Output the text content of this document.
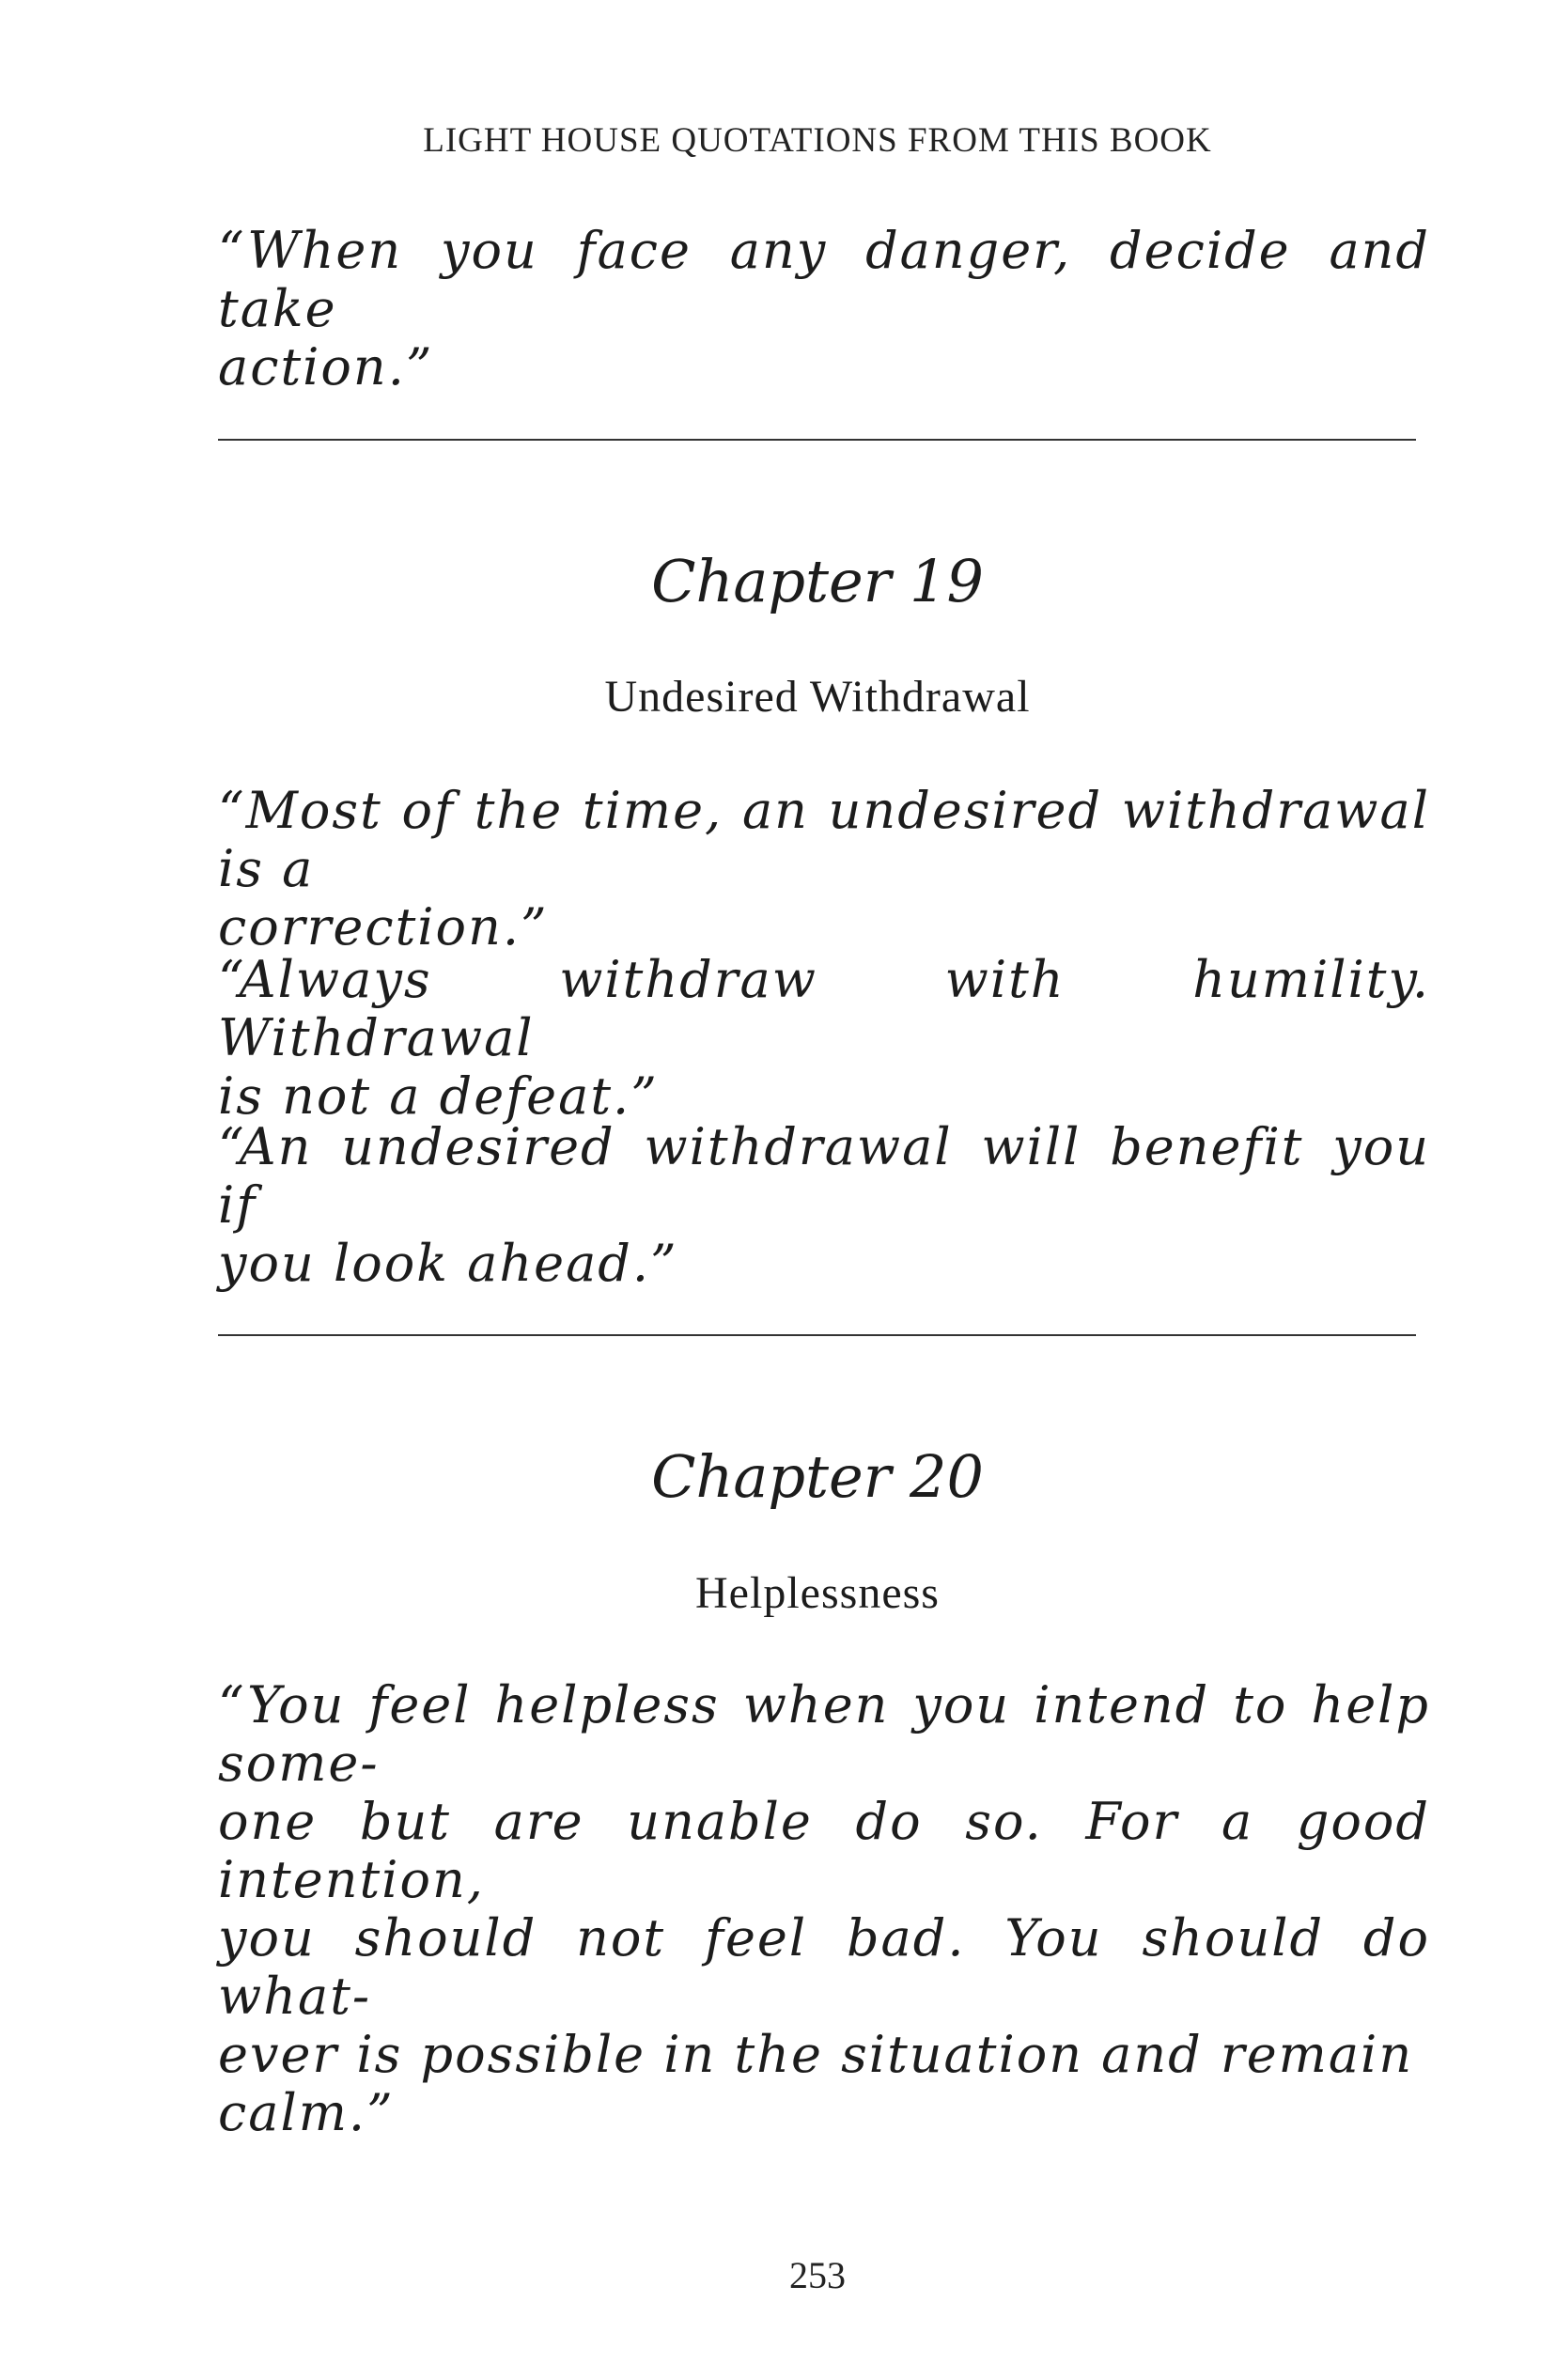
LIGHT HOUSE QUOTATIONS FROM THIS BOOK

“When you face any danger, decide and take
action.”

Chapter 19
Undesired Withdrawal

“Most of the time, an undesired withdrawal is a
correction.”

“Always withdraw with humility. Withdrawal
is not a defeat.”

“An undesired withdrawal will benefit you if
you look ahead.”

Chapter 20
Helplessness

“You feel helpless when you intend to help some-
one but are unable do so. For a good intention,
you should not feel bad. You should do what-
ever is possible in the situation and remain
calm.”

253
